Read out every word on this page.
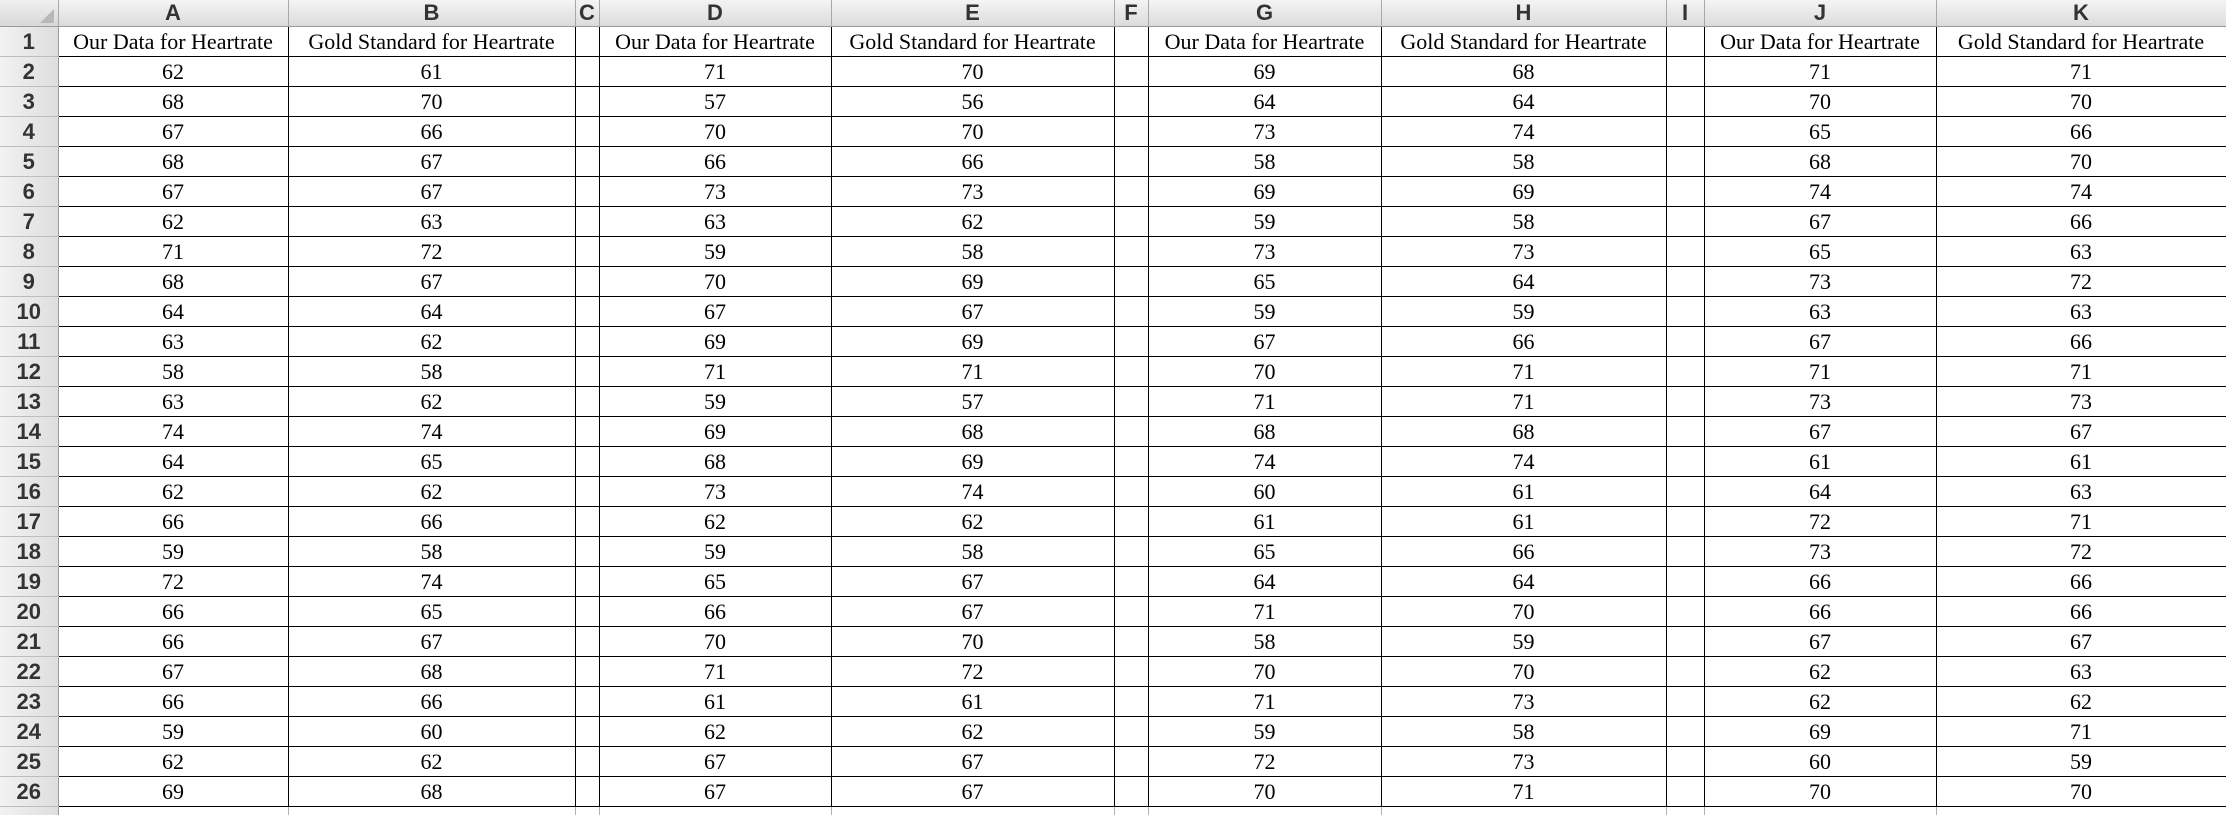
	A	B	C	D	E	F	G	H	I	J	K
1	Our Data for Heartrate	Gold Standard for Heartrate		Our Data for Heartrate	Gold Standard for Heartrate		Our Data for Heartrate	Gold Standard for Heartrate		Our Data for Heartrate	Gold Standard for Heartrate
2	62	61		71	70		69	68		71	71
3	68	70		57	56		64	64		70	70
4	67	66		70	70		73	74		65	66
5	68	67		66	66		58	58		68	70
6	67	67		73	73		69	69		74	74
7	62	63		63	62		59	58		67	66
8	71	72		59	58		73	73		65	63
9	68	67		70	69		65	64		73	72
10	64	64		67	67		59	59		63	63
11	63	62		69	69		67	66		67	66
12	58	58		71	71		70	71		71	71
13	63	62		59	57		71	71		73	73
14	74	74		69	68		68	68		67	67
15	64	65		68	69		74	74		61	61
16	62	62		73	74		60	61		64	63
17	66	66		62	62		61	61		72	71
18	59	58		59	58		65	66		73	72
19	72	74		65	67		64	64		66	66
20	66	65		66	67		71	70		66	66
21	66	67		70	70		58	59		67	67
22	67	68		71	72		70	70		62	63
23	66	66		61	61		71	73		62	62
24	59	60		62	62		59	58		69	71
25	62	62		67	67		72	73		60	59
26	69	68		67	67		70	71		70	70
